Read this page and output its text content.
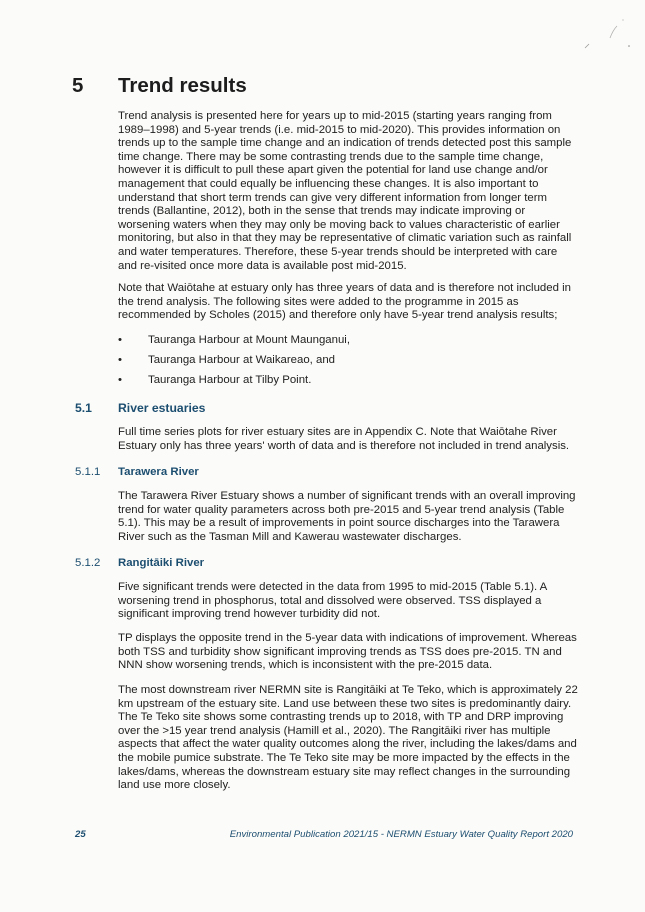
5 Trend results
Trend analysis is presented here for years up to mid-2015 (starting years ranging from 1989–1998) and 5-year trends (i.e. mid-2015 to mid-2020). This provides information on trends up to the sample time change and an indication of trends detected post this sample time change. There may be some contrasting trends due to the sample time change, however it is difficult to pull these apart given the potential for land use change and/or management that could equally be influencing these changes. It is also important to understand that short term trends can give very different information from longer term trends (Ballantine, 2012), both in the sense that trends may indicate improving or worsening waters when they may only be moving back to values characteristic of earlier monitoring, but also in that they may be representative of climatic variation such as rainfall and water temperatures. Therefore, these 5-year trends should be interpreted with care and re-visited once more data is available post mid-2015.
Note that Waiōtahe at estuary only has three years of data and is therefore not included in the trend analysis. The following sites were added to the programme in 2015 as recommended by Scholes (2015) and therefore only have 5-year trend analysis results;
• Tauranga Harbour at Mount Maunganui,
• Tauranga Harbour at Waikareao, and
• Tauranga Harbour at Tilby Point.
5.1 River estuaries
Full time series plots for river estuary sites are in Appendix C. Note that Waiōtahe River Estuary only has three years' worth of data and is therefore not included in trend analysis.
5.1.1 Tarawera River
The Tarawera River Estuary shows a number of significant trends with an overall improving trend for water quality parameters across both pre-2015 and 5-year trend analysis (Table 5.1). This may be a result of improvements in point source discharges into the Tarawera River such as the Tasman Mill and Kawerau wastewater discharges.
5.1.2 Rangitāiki River
Five significant trends were detected in the data from 1995 to mid-2015 (Table 5.1). A worsening trend in phosphorus, total and dissolved were observed. TSS displayed a significant improving trend however turbidity did not.
TP displays the opposite trend in the 5-year data with indications of improvement. Whereas both TSS and turbidity show significant improving trends as TSS does pre-2015. TN and NNN show worsening trends, which is inconsistent with the pre-2015 data.
The most downstream river NERMN site is Rangitāiki at Te Teko, which is approximately 22 km upstream of the estuary site. Land use between these two sites is predominantly dairy. The Te Teko site shows some contrasting trends up to 2018, with TP and DRP improving over the >15 year trend analysis (Hamill et al., 2020). The Rangitāiki river has multiple aspects that affect the water quality outcomes along the river, including the lakes/dams and the mobile pumice substrate. The Te Teko site may be more impacted by the effects in the lakes/dams, whereas the downstream estuary site may reflect changes in the surrounding land use more closely.
25	Environmental Publication 2021/15 - NERMN Estuary Water Quality Report 2020
